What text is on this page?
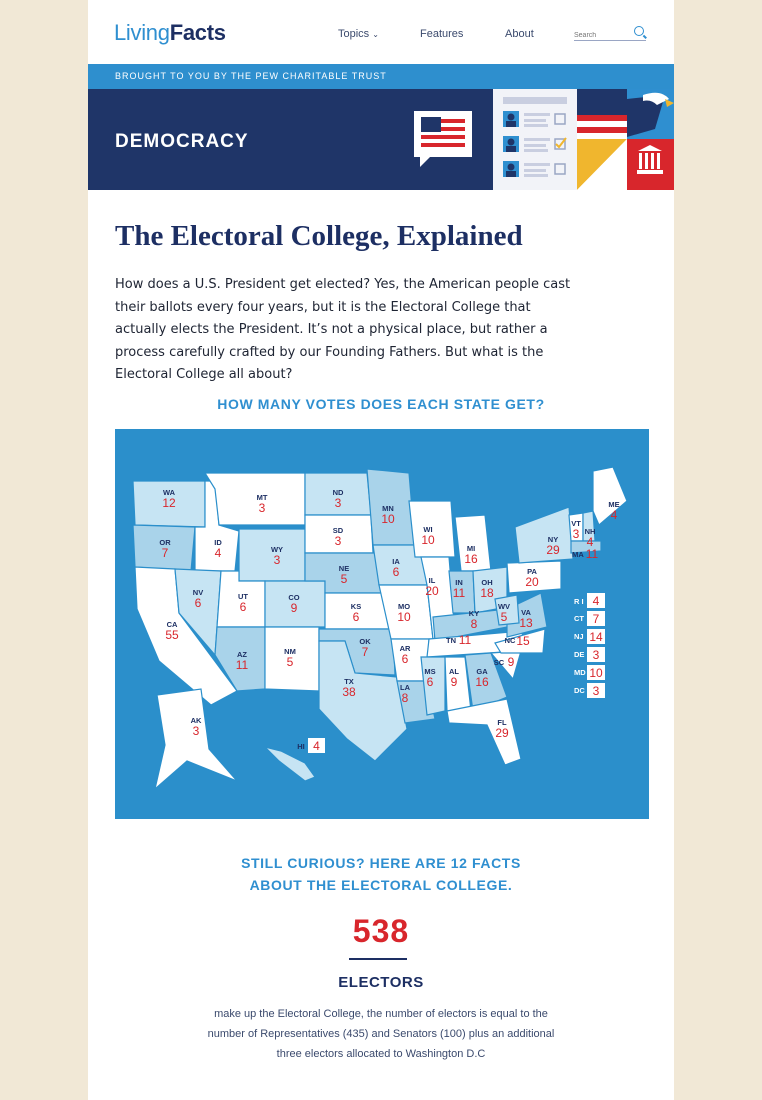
LivingFacts	Topics ⌄	Features	About
Search
BROUGHT TO YOU BY THE PEW CHARITABLE TRUST
DEMOCRACY
The Electoral College, Explained
How does a U.S. President get elected? Yes, the American people cast their ballots every four years, but it is the Electoral College that actually elects the President. It’s not a physical place, but rather a process carefully crafted by our Founding Fathers. But what is the Electoral College all about?
HOW MANY VOTES DOES EACH STATE GET?
WA
12
OR
7
CA
55
ID
4
NV
6
MT
3
WY
3
UT
6
AZ
11
CO
9
NM
5
ND
3
SD
3
NE
5
KS
6
OK
7
TX
38
MN
10
IA
6
MO
10
AR
6
LA
8
WI
10
IL
20
MI
16
IN
11
OH
18
KY
8
TN 11
MS
6
AL
9
GA
16
FL
29
SC 9
NC 15
VA
13
WV
5
PA
20
NY
29
VT
3 NH
4
MA 11
ME
4
AK
3
HI 4
R I 4
CT 7
NJ 14
DE 3
MD 10
DC 3
STILL CURIOUS? HERE ARE 12 FACTS
ABOUT THE ELECTORAL COLLEGE.
538
ELECTORS
make up the Electoral College, the number of electors is equal to the number of Representatives (435) and Senators (100) plus an additional three electors allocated to Washington D.C
